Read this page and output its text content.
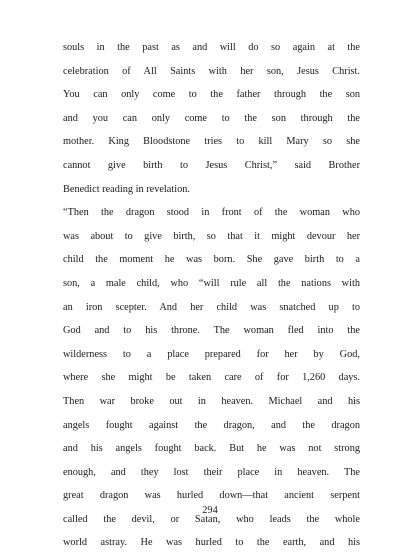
souls in the past as and will do so again at the
celebration of All Saints with her son, Jesus Christ.
You can only come to the father through the son
and you can only come to the son through the
mother. King Bloodstone tries to kill Mary so she
cannot give birth to Jesus Christ,” said Brother
Benedict reading in revelation.
“Then the dragon stood in front of the woman who
was about to give birth, so that it might devour her
child the moment he was born. She gave birth to a
son, a male child, who “will rule all the nations with
an iron scepter. And her child was snatched up to
God and to his throne. The woman fled into the
wilderness to a place prepared for her by God,
where she might be taken care of for 1,260 days.
Then war broke out in heaven. Michael and his
angels fought against the dragon, and the dragon
and his angels fought back. But he was not strong
enough, and they lost their place in heaven. The
great dragon was hurled down—that ancient serpent
called the devil, or Satan, who leads the whole
world astray. He was hurled to the earth, and his
294
